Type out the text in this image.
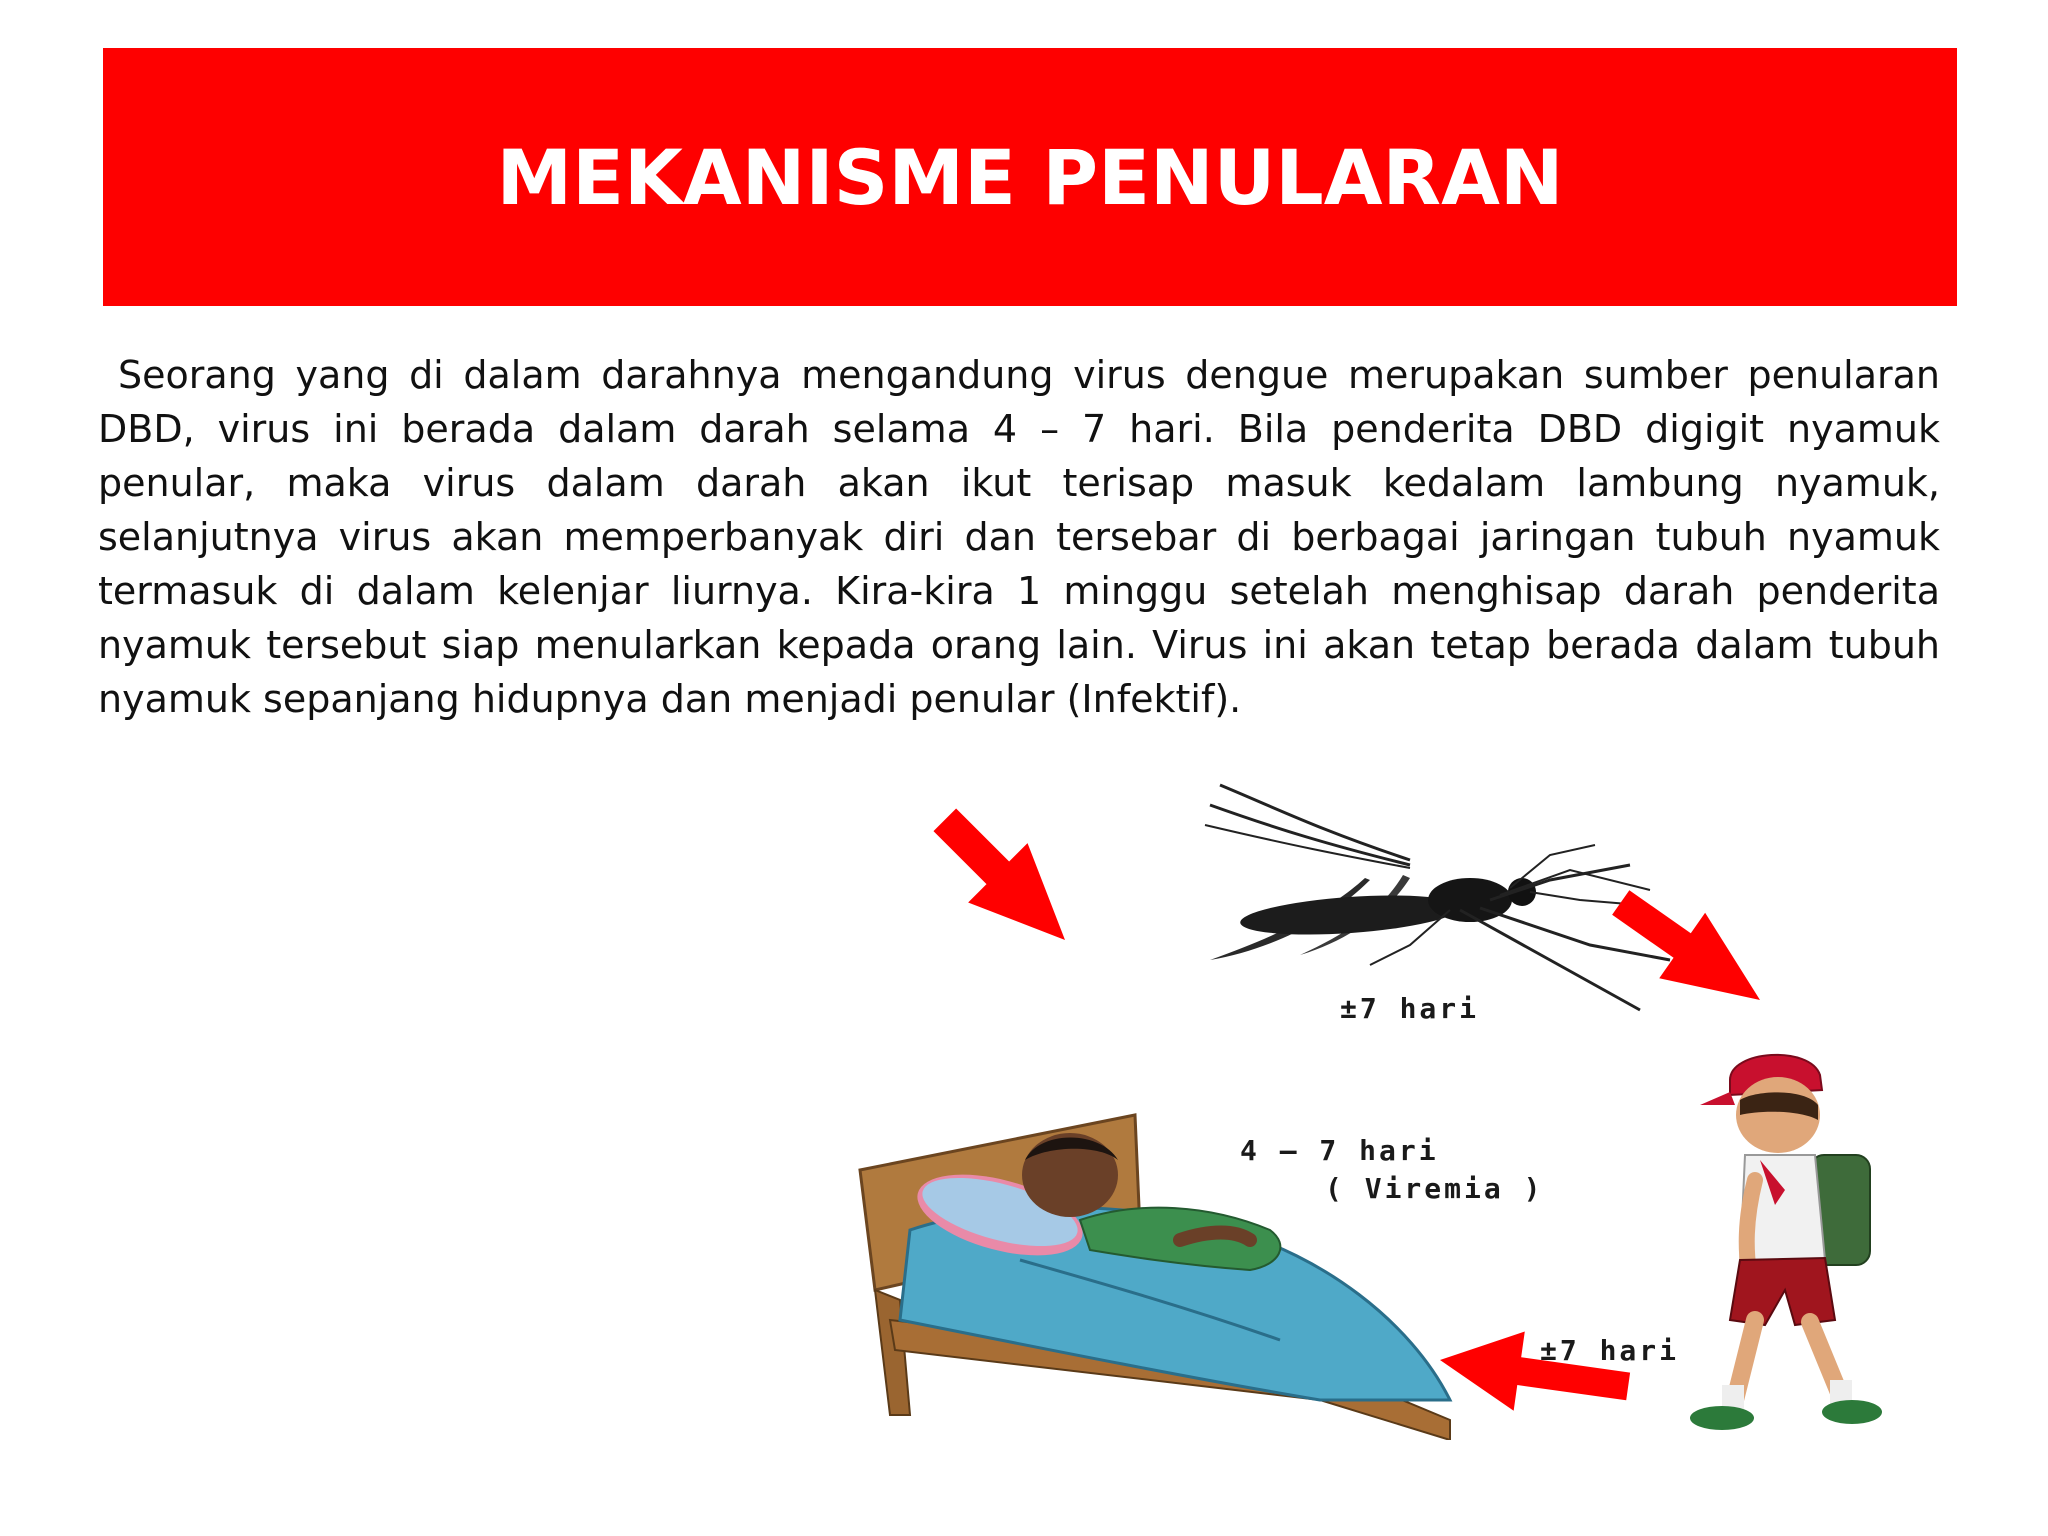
MEKANISME PENULARAN

Seorang yang di dalam darahnya mengandung virus dengue merupakan sumber penularan DBD, virus ini berada dalam darah selama 4 – 7 hari. Bila penderita DBD digigit nyamuk penular, maka virus dalam darah akan ikut terisap masuk kedalam lambung nyamuk, selanjutnya virus akan memperbanyak diri dan tersebar di berbagai jaringan tubuh nyamuk termasuk di dalam kelenjar liurnya. Kira-kira 1 minggu setelah menghisap darah penderita nyamuk tersebut siap menularkan kepada orang lain. Virus ini akan tetap berada dalam tubuh nyamuk sepanjang hidupnya dan menjadi penular (Infektif).

±7 hari
4 – 7 hari
( Viremia )
±7 hari
